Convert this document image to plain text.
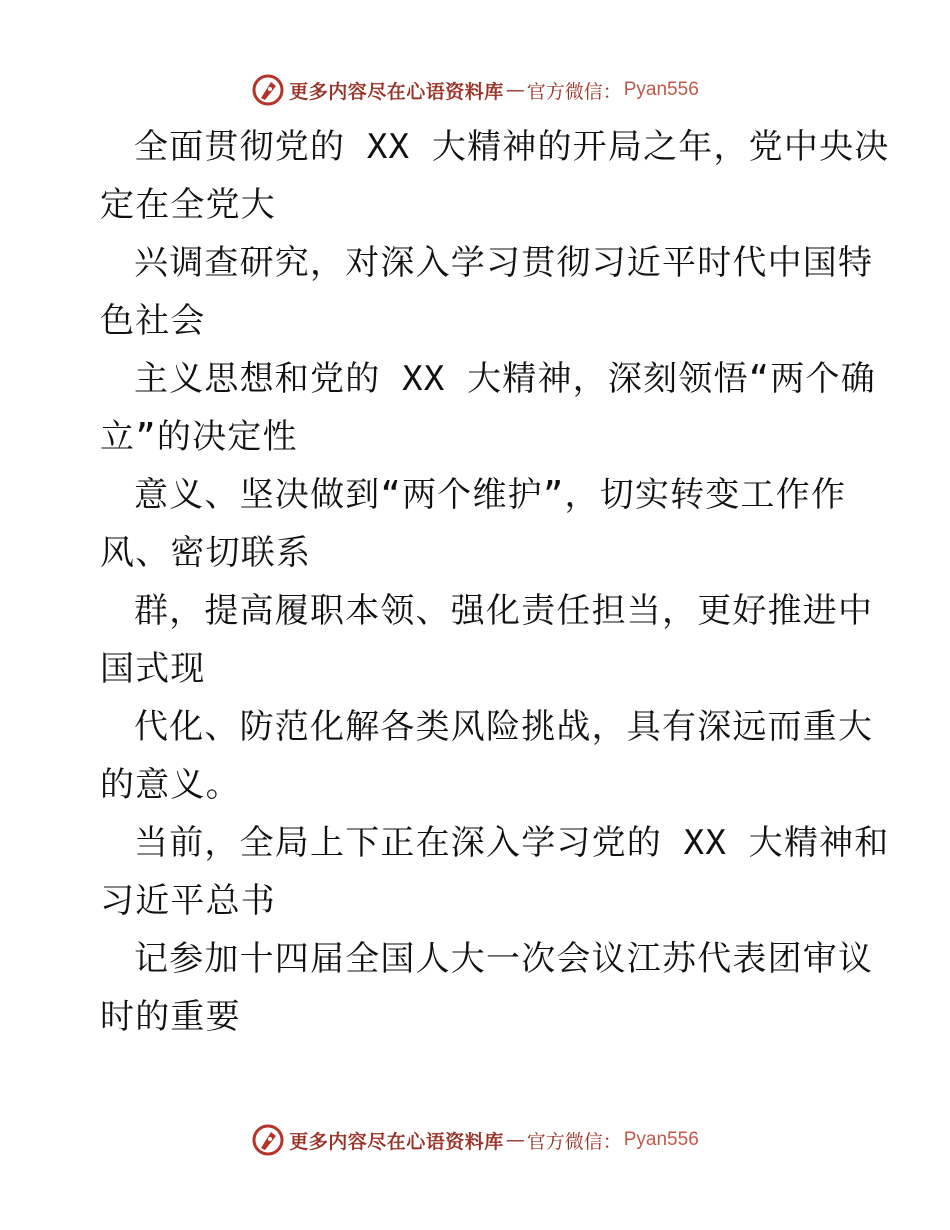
更多内容尽在心语资料库 — 官方微信： Pyan556
全面贯彻党的 XX 大精神的开局之年，党中央决
定在全党大
兴调查研究，对深入学习贯彻习近平时代中国特
色社会
主义思想和党的 XX 大精神，深刻领悟“两个确
立”的决定性
意义、坚决做到“两个维护”，切实转变工作作
风、密切联系
群，提高履职本领、强化责任担当，更好推进中
国式现
代化、防范化解各类风险挑战，具有深远而重大
的意义。
当前，全局上下正在深入学习党的 XX 大精神和
习近平总书
记参加十四届全国人大一次会议江苏代表团审议
时的重要
更多内容尽在心语资料库 — 官方微信： Pyan556
